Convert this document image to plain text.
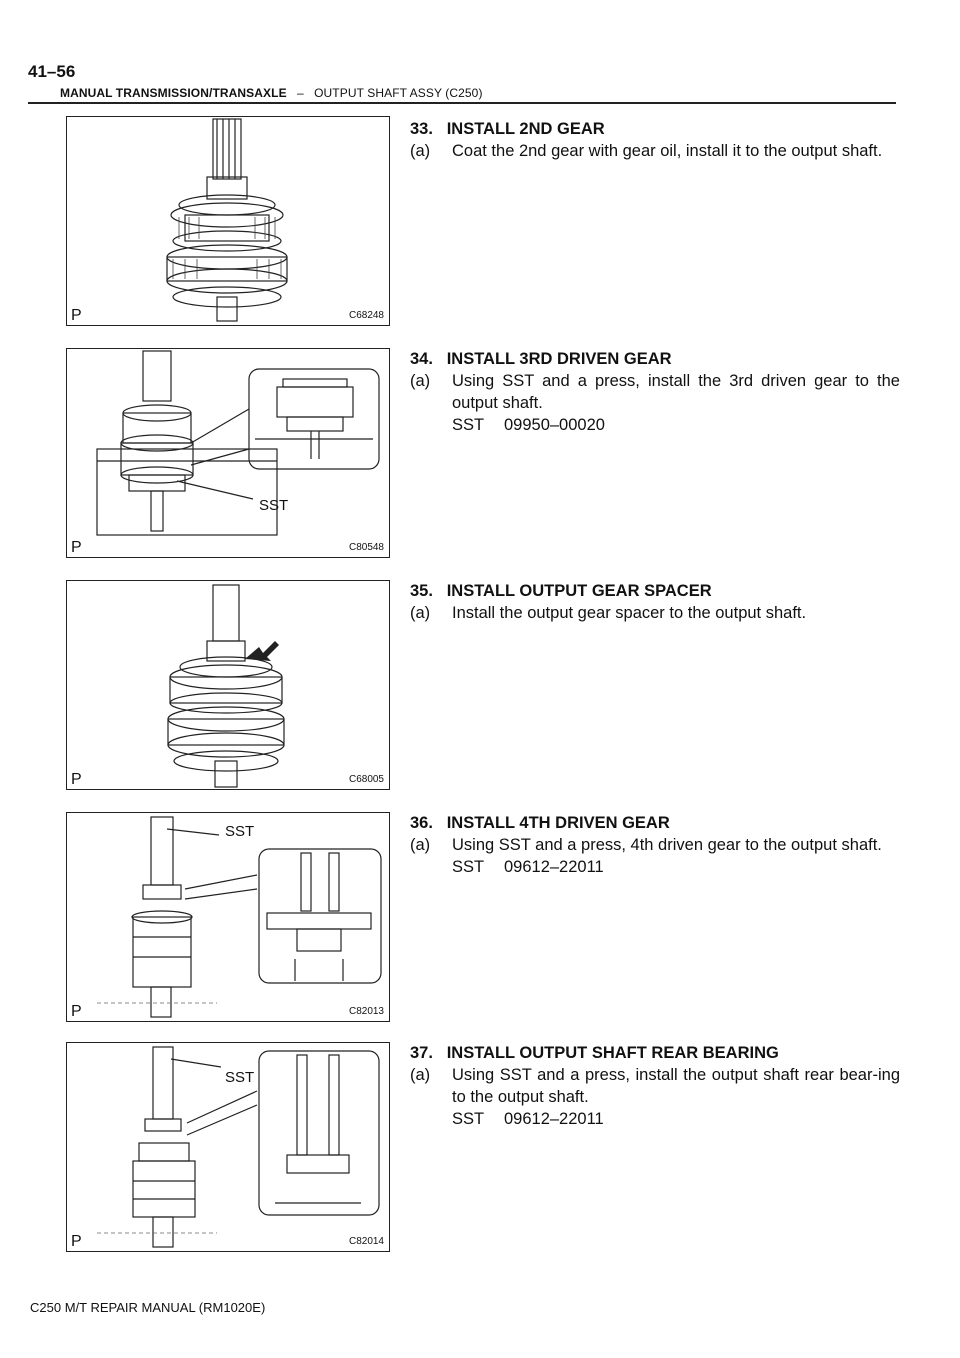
41–56
MANUAL TRANSMISSION/TRANSAXLE – OUTPUT SHAFT ASSY (C250)
P	C68248
SST
P	C80548
P	C68005
SST
P	C82013
SST
P	C82014
33.   INSTALL 2ND GEAR
(a)	Coat the 2nd gear with gear oil, install it to the output shaft.
34.   INSTALL 3RD DRIVEN GEAR
(a)	Using SST and a press, install the 3rd driven gear to the output shaft.
SST 09950–00020
35.   INSTALL OUTPUT GEAR SPACER
(a)	Install the output gear spacer to the output shaft.
36.   INSTALL 4TH DRIVEN GEAR
(a)	Using SST and a press, 4th driven gear to the output shaft.
SST 09612–22011
37.   INSTALL OUTPUT SHAFT REAR BEARING
(a)	Using SST and a press, install the output shaft rear bear-ing to the output shaft.
SST 09612–22011
C250 M/T REPAIR MANUAL (RM1020E)
